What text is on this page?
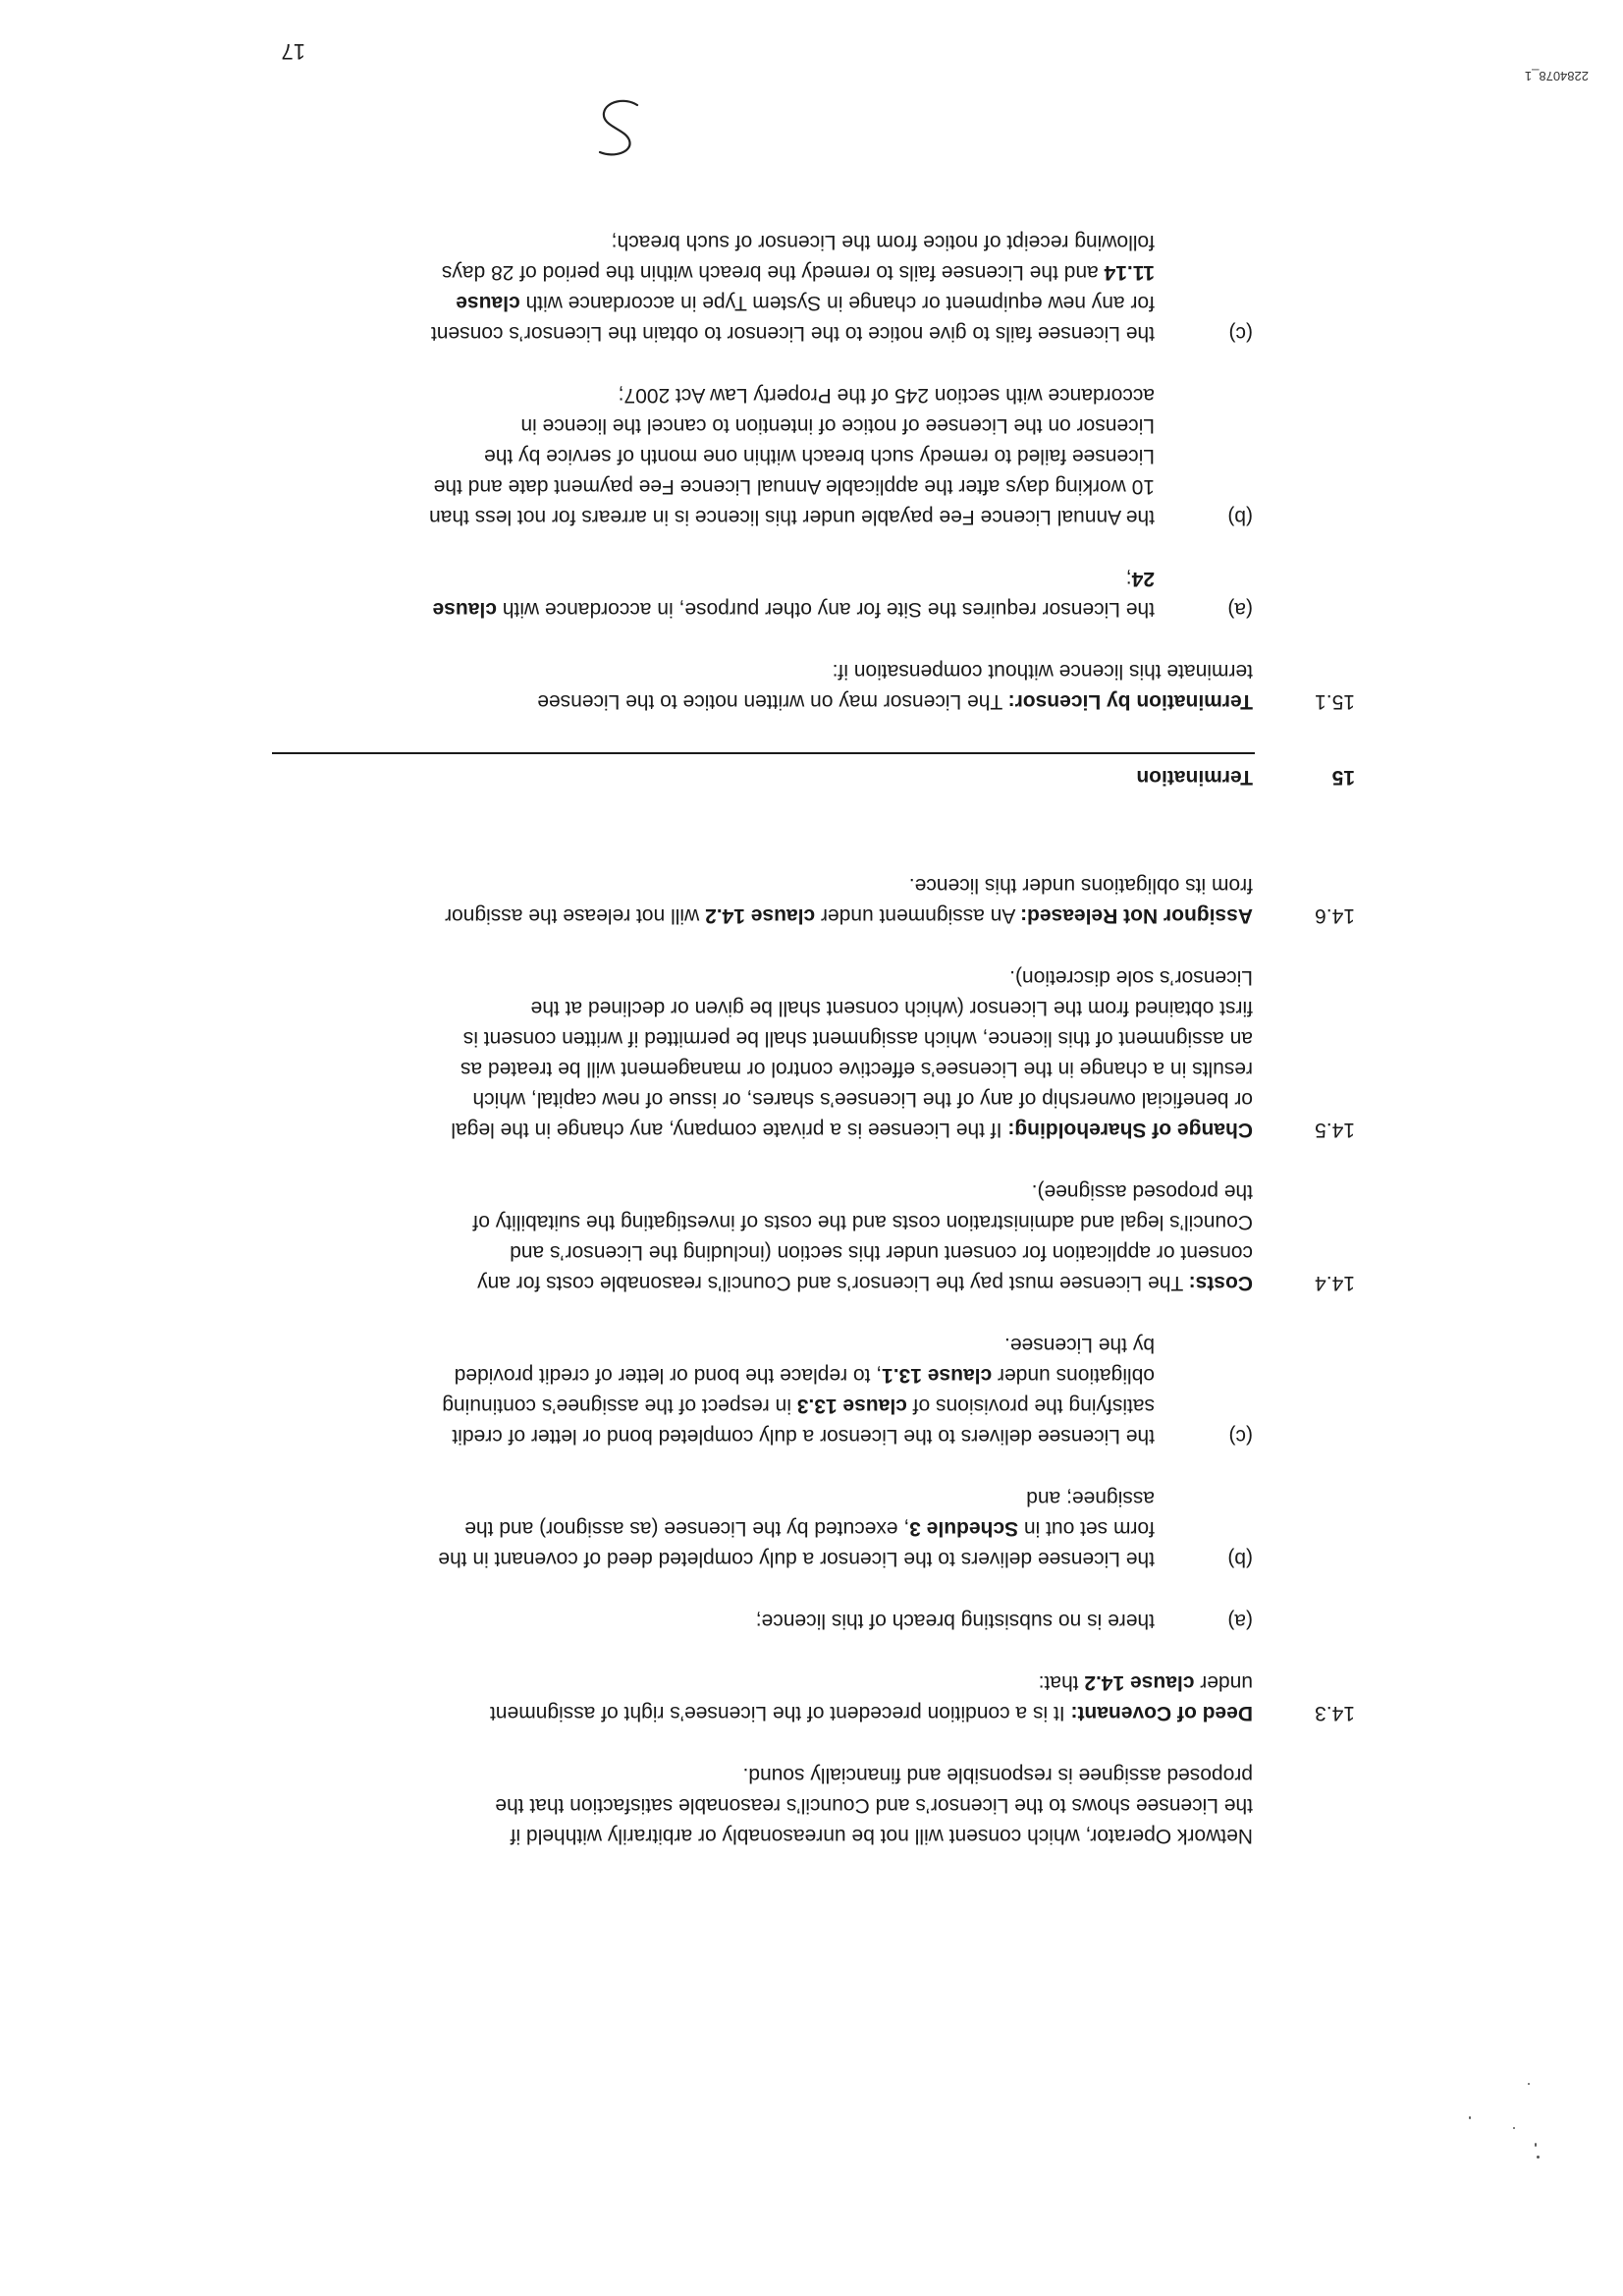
17
2284078_1
Network Operator, which consent will not be unreasonably or arbitrarily withheld if
the Licensee shows to the Licensor’s and Council’s reasonable satisfaction that the
proposed assignee is responsible and financially sound.
14.3
Deed of Covenant: It is a condition precedent of the Licensee’s right of assignment
under clause 14.2 that:
(a)
there is no subsisting breach of this licence;
(b)
the Licensee delivers to the Licensor a duly completed deed of covenant in the
form set out in Schedule 3, executed by the Licensee (as assignor) and the
assignee; and
(c)
the Licensee delivers to the Licensor a duly completed bond or letter of credit
satisfying the provisions of clause 13.3 in respect of the assignee’s continuing
obligations under clause 13.1, to replace the bond or letter of credit provided
by the Licensee.
14.4
Costs: The Licensee must pay the Licensor’s and Council’s reasonable costs for any
consent or application for consent under this section (including the Licensor’s and
Council’s legal and administration costs and the costs of investigating the suitability of
the proposed assignee).
14.5
Change of Shareholding: If the Licensee is a private company, any change in the legal
or beneficial ownership of any of the Licensee’s shares, or issue of new capital, which
results in a change in the Licensee’s effective control or management will be treated as
an assignment of this licence, which assignment shall be permitted if written consent is
first obtained from the Licensor (which consent shall be given or declined at the
Licensor’s sole discretion).
14.6
Assignor Not Released: An assignment under clause 14.2 will not release the assignor
from its obligations under this licence.
15
Termination
15.1
Termination by Licensor: The Licensor may on written notice to the Licensee
terminate this licence without compensation if:
(a)
the Licensor requires the Site for any other purpose, in accordance with clause
24;
(b)
the Annual Licence Fee payable under this licence is in arrears for not less than
10 working days after the applicable Annual Licence Fee payment date and the
Licensee failed to remedy such breach within one month of service by the
Licensor on the Licensee of notice of intention to cancel the licence in
accordance with section 245 of the Property Law Act 2007;
(c)
the Licensee fails to give notice to the Licensor to obtain the Licensor’s consent
for any new equipment or change in System Type in accordance with clause
11.14 and the Licensee fails to remedy the breach within the period of 28 days
following receipt of notice from the Licensor of such breach;
